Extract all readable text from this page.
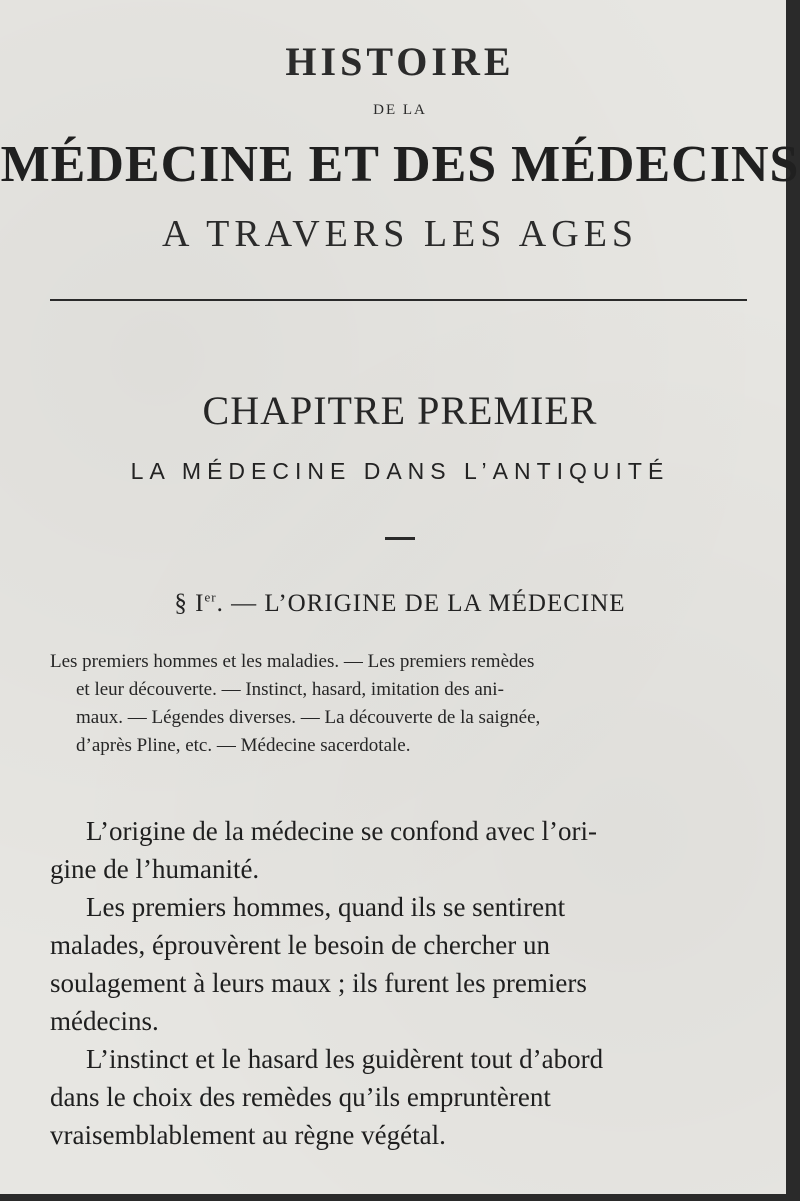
HISTOIRE
DE LA
MÉDECINE ET DES MÉDECINS
A TRAVERS LES AGES
CHAPITRE PREMIER
LA MÉDECINE DANS L’ANTIQUITÉ
§ Ier. — L’ORIGINE DE LA MÉDECINE
Les premiers hommes et les maladies. — Les premiers remèdes
et leur découverte. — Instinct, hasard, imitation des ani-
maux. — Légendes diverses. — La découverte de la saignée,
d’après Pline, etc. — Médecine sacerdotale.
L’origine de la médecine se confond avec l’ori-
gine de l’humanité.
Les premiers hommes, quand ils se sentirent
malades, éprouvèrent le besoin de chercher un
soulagement à leurs maux ; ils furent les premiers
médecins.
L’instinct et le hasard les guidèrent tout d’abord
dans le choix des remèdes qu’ils empruntèrent
vraisemblablement au règne végétal.
